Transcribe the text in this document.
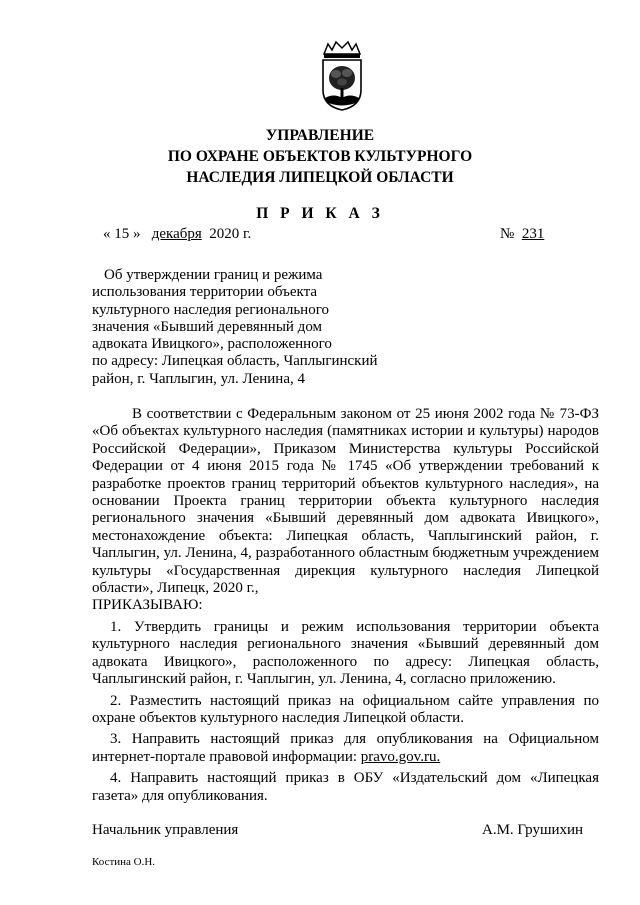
УПРАВЛЕНИЕ
ПО ОХРАНЕ ОБЪЕКТОВ КУЛЬТУРНОГО
НАСЛЕДИЯ ЛИПЕЦКОЙ ОБЛАСТИ
П Р И К А З
« 15 » декабря 2020 г.	№ 231
Об утверждении границ и режима
использования территории объекта
культурного наследия регионального
значения «Бывший деревянный дом
адвоката Ивицкого», расположенного
по адресу: Липецкая область, Чаплыгинский
район, г. Чаплыгин, ул. Ленина, 4

В соответствии с Федеральным законом от 25 июня 2002 года № 73-ФЗ «Об объектах культурного наследия (памятниках истории и культуры) народов Российской Федерации», Приказом Министерства культуры Российской Федерации от 4 июня 2015 года № 1745 «Об утверждении требований к разработке проектов границ территорий объектов культурного наследия», на основании Проекта границ территории объекта культурного наследия регионального значения «Бывший деревянный дом адвоката Ивицкого», местонахождение объекта: Липецкая область, Чаплыгинский район, г. Чаплыгин, ул. Ленина, 4, разработанного областным бюджетным учреждением культуры «Государственная дирекция культурного наследия Липецкой области», Липецк, 2020 г.,

ПРИКАЗЫВАЮ:

1. Утвердить границы и режим использования территории объекта культурного наследия регионального значения «Бывший деревянный дом адвоката Ивицкого», расположенного по адресу: Липецкая область, Чаплыгинский район, г. Чаплыгин, ул. Ленина, 4, согласно приложению.

2. Разместить настоящий приказ на официальном сайте управления по охране объектов культурного наследия Липецкой области.

3. Направить настоящий приказ для опубликования на Официальном интернет-портале правовой информации: pravo.gov.ru.

4. Направить настоящий приказ в ОБУ «Издательский дом «Липецкая газета» для опубликования.

Начальник управления	А.М. Грушихин
Костина О.Н.
